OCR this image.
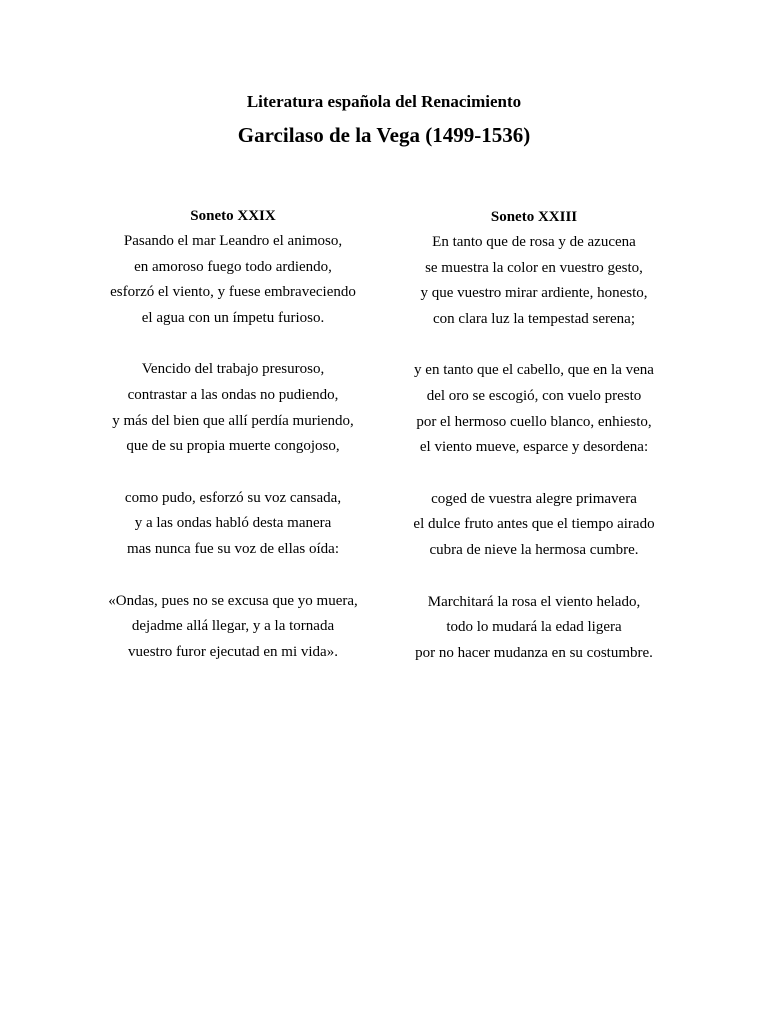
Literatura española del Renacimiento
Garcilaso de la Vega (1499-1536)
Soneto XXIX
Pasando el mar Leandro el animoso,
en amoroso fuego todo ardiendo,
esforzó el viento, y fuese embraveciendo
el agua con un ímpetu furioso.
Vencido del trabajo presuroso,
contrastar a las ondas no pudiendo,
y más del bien que allí perdía muriendo,
que de su propia muerte congojoso,
como pudo, esforzó su voz cansada,
y a las ondas habló desta manera
mas nunca fue su voz de ellas oída:
«Ondas, pues no se excusa que yo muera,
dejadme allá llegar, y a la tornada
vuestro furor ejecutad en mi vida».
Soneto XXIII
En tanto que de rosa y de azucena
se muestra la color en vuestro gesto,
y que vuestro mirar ardiente, honesto,
con clara luz la tempestad serena;
y en tanto que el cabello, que en la vena
del oro se escogió, con vuelo presto
por el hermoso cuello blanco, enhiesto,
el viento mueve, esparce y desordena:
coged de vuestra alegre primavera
el dulce fruto antes que el tiempo airado
cubra de nieve la hermosa cumbre.
Marchitará la rosa el viento helado,
todo lo mudará la edad ligera
por no hacer mudanza en su costumbre.
